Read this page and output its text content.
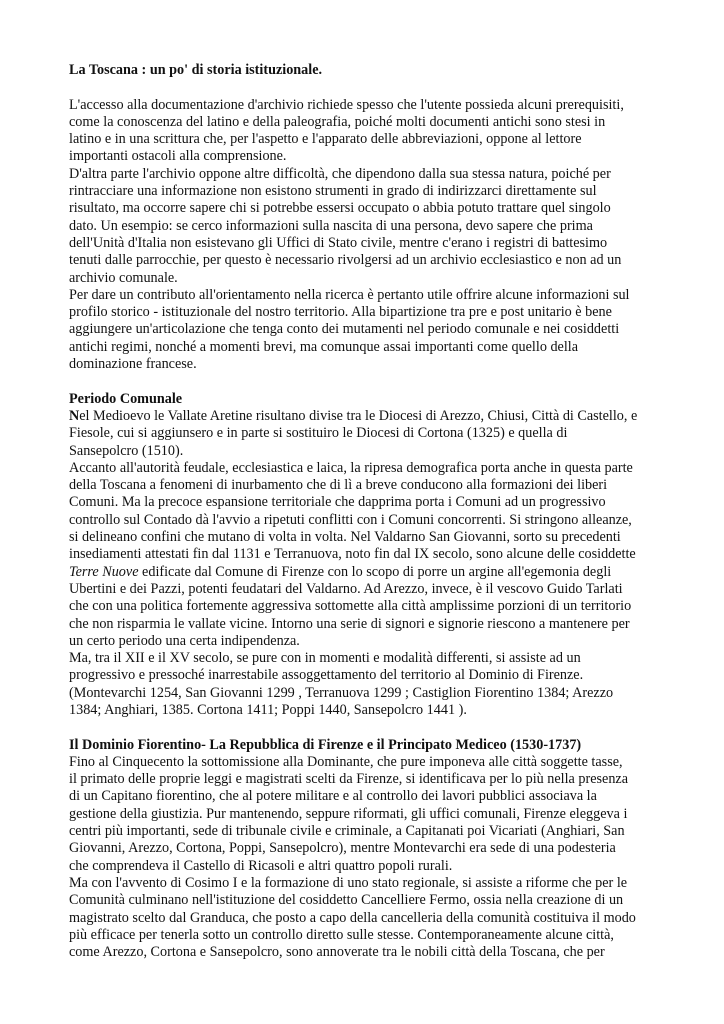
La Toscana : un po' di storia istituzionale.
L'accesso alla documentazione d'archivio richiede spesso che l'utente possieda alcuni prerequisiti,
come la conoscenza del latino e della paleografia, poiché molti documenti antichi sono stesi in
latino e in una scrittura che, per l'aspetto e l'apparato delle abbreviazioni, oppone al lettore
importanti ostacoli alla comprensione.
D'altra parte l'archivio oppone altre difficoltà, che dipendono dalla sua stessa natura, poiché per
rintracciare una informazione non esistono strumenti in grado di indirizzarci direttamente sul
risultato, ma occorre sapere chi si potrebbe essersi occupato o abbia potuto trattare quel singolo
dato. Un esempio: se cerco informazioni sulla nascita di una persona, devo sapere che prima
dell'Unità d'Italia non esistevano gli Uffici di Stato civile, mentre c'erano i registri di battesimo
tenuti dalle parrocchie, per questo è necessario rivolgersi ad un archivio ecclesiastico e non ad un
archivio comunale.
Per dare un contributo all'orientamento nella ricerca è pertanto utile offrire alcune informazioni sul
profilo storico - istituzionale del nostro territorio. Alla bipartizione tra pre e post unitario è bene
aggiungere un'articolazione che tenga conto dei mutamenti nel periodo comunale e nei cosiddetti
antichi regimi, nonché a momenti brevi, ma comunque assai importanti come quello della
dominazione francese.
Periodo Comunale
Nel Medioevo le Vallate Aretine risultano divise tra le Diocesi di Arezzo, Chiusi, Città di Castello, e
Fiesole, cui si aggiunsero e in parte si sostituiro le Diocesi di Cortona (1325) e quella di
Sansepolcro (1510).
Accanto all'autorità feudale, ecclesiastica e laica, la ripresa demografica porta anche in questa parte
della Toscana a fenomeni di inurbamento che di lì a breve conducono alla formazioni dei liberi
Comuni. Ma la precoce espansione territoriale che dapprima porta i Comuni ad un progressivo
controllo sul Contado dà l'avvio a ripetuti conflitti con i Comuni concorrenti. Si stringono alleanze,
si delineano confini che mutano di volta in volta. Nel Valdarno San Giovanni, sorto su precedenti
insediamenti attestati fin dal 1131 e Terranuova, noto fin dal IX secolo, sono alcune delle cosiddette
Terre Nuove edificate dal Comune di Firenze con lo scopo di porre un argine all'egemonia degli
Ubertini e dei Pazzi, potenti feudatari del Valdarno. Ad Arezzo, invece, è il vescovo Guido Tarlati
che con una politica fortemente aggressiva sottomette alla città amplissime porzioni di un territorio
che non risparmia le vallate vicine. Intorno una serie di signori e signorie riescono a mantenere per
un certo periodo una certa indipendenza.
Ma, tra il XII e il XV secolo, se pure con in momenti e modalità differenti, si assiste ad un
progressivo e pressoché inarrestabile assoggettamento del territorio al Dominio di Firenze.
(Montevarchi 1254, San Giovanni 1299 , Terranuova 1299 ; Castiglion Fiorentino 1384; Arezzo
1384; Anghiari, 1385. Cortona 1411; Poppi 1440, Sansepolcro 1441 ).
Il Dominio Fiorentino- La Repubblica di Firenze e il Principato Mediceo (1530-1737)
Fino al Cinquecento la sottomissione alla Dominante, che pure imponeva alle città soggette tasse,
il primato delle proprie leggi e magistrati scelti da Firenze, si identificava per lo più nella presenza
di un Capitano fiorentino, che al potere militare e al controllo dei lavori pubblici associava la
gestione della giustizia. Pur mantenendo, seppure riformati, gli uffici comunali, Firenze eleggeva i
centri più importanti, sede di tribunale civile e criminale, a Capitanati poi Vicariati (Anghiari, San
Giovanni, Arezzo, Cortona, Poppi, Sansepolcro), mentre Montevarchi era sede di una podesteria
che comprendeva il Castello di Ricasoli e altri quattro popoli rurali.
Ma con l'avvento di Cosimo I e la formazione di uno stato regionale, si assiste a riforme che per le
Comunità culminano nell'istituzione del cosiddetto Cancelliere Fermo, ossia nella creazione di un
magistrato scelto dal Granduca, che posto a capo della cancelleria della comunità costituiva il modo
più efficace per tenerla sotto un controllo diretto sulle stesse. Contemporaneamente alcune città,
come Arezzo, Cortona e Sansepolcro, sono annoverate tra le nobili città della Toscana, che per
